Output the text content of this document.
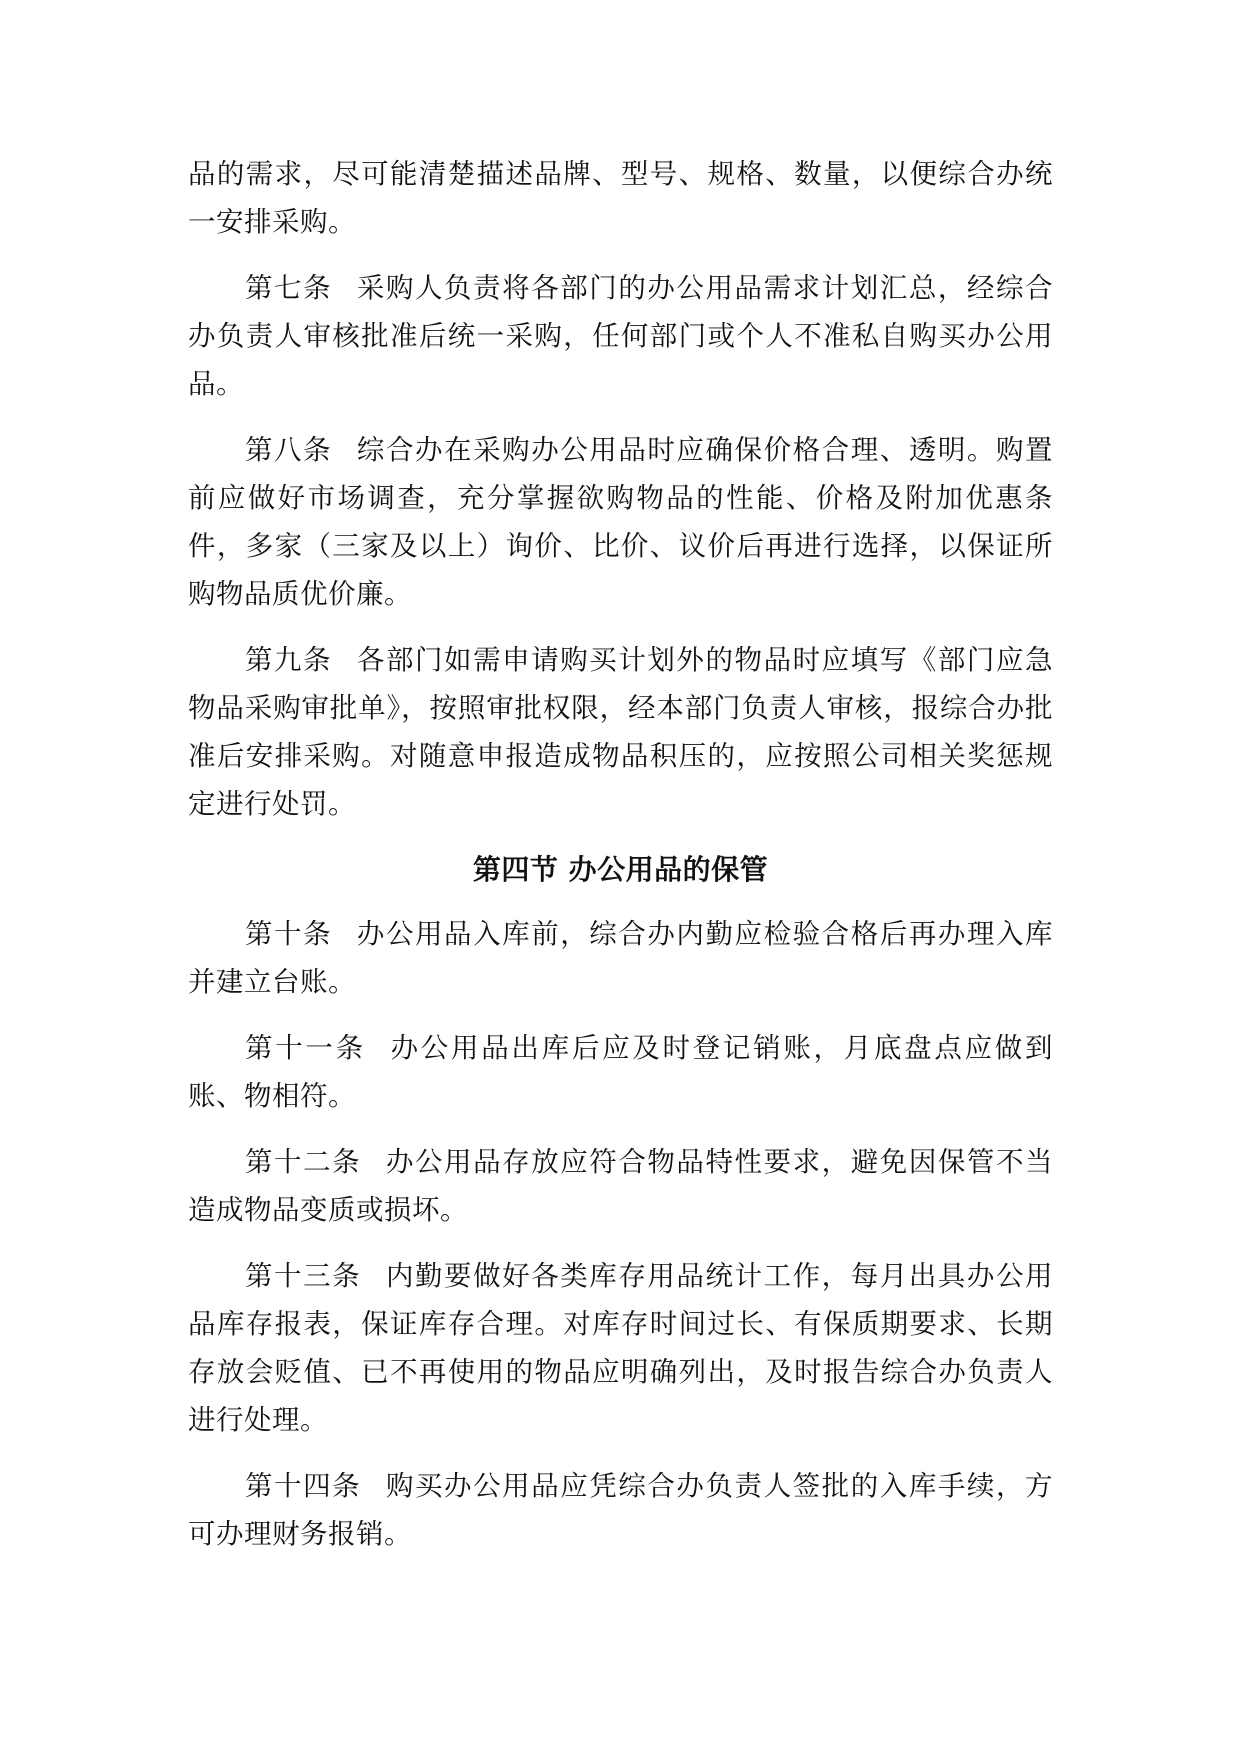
品的需求，尽可能清楚描述品牌、型号、规格、数量，以便综合办统一安排采购。

第七条 采购人负责将各部门的办公用品需求计划汇总，经综合办负责人审核批准后统一采购，任何部门或个人不准私自购买办公用品。

第八条 综合办在采购办公用品时应确保价格合理、透明。购置前应做好市场调查，充分掌握欲购物品的性能、价格及附加优惠条件，多家（三家及以上）询价、比价、议价后再进行选择，以保证所购物品质优价廉。

第九条 各部门如需申请购买计划外的物品时应填写《部门应急物品采购审批单》，按照审批权限，经本部门负责人审核，报综合办批准后安排采购。对随意申报造成物品积压的，应按照公司相关奖惩规定进行处罚。

第四节 办公用品的保管

第十条 办公用品入库前，综合办内勤应检验合格后再办理入库并建立台账。

第十一条 办公用品出库后应及时登记销账，月底盘点应做到账、物相符。

第十二条 办公用品存放应符合物品特性要求，避免因保管不当造成物品变质或损坏。

第十三条 内勤要做好各类库存用品统计工作，每月出具办公用品库存报表，保证库存合理。对库存时间过长、有保质期要求、长期存放会贬值、已不再使用的物品应明确列出，及时报告综合办负责人进行处理。

第十四条 购买办公用品应凭综合办负责人签批的入库手续，方可办理财务报销。
